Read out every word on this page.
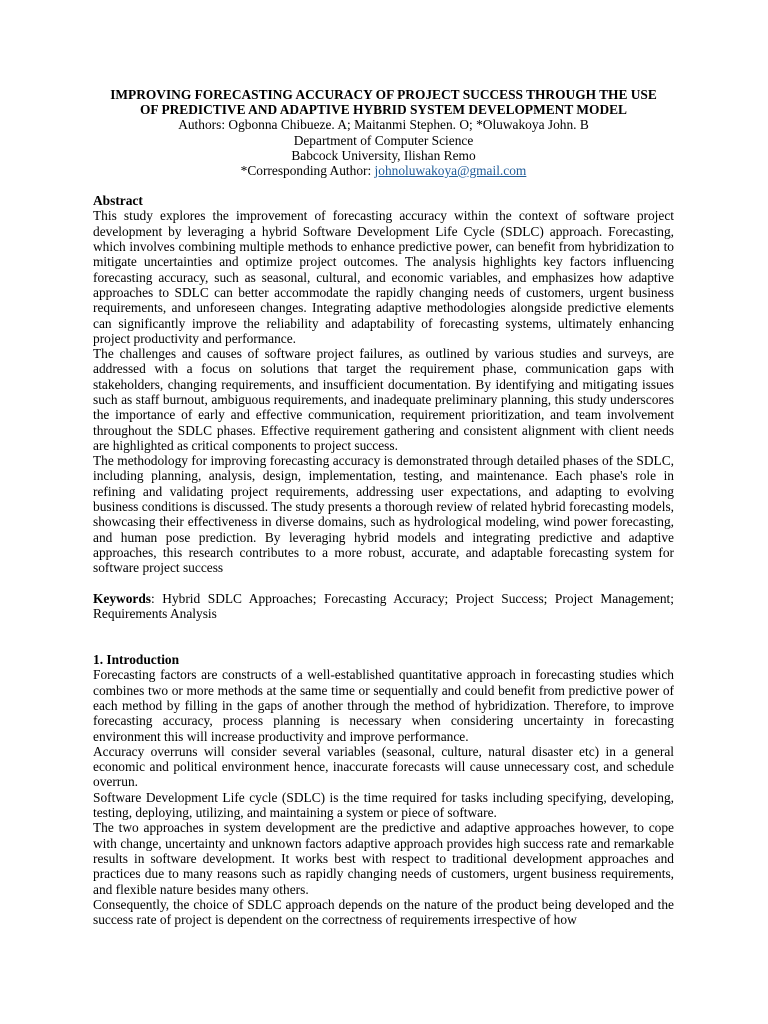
IMPROVING FORECASTING ACCURACY OF PROJECT SUCCESS THROUGH THE USE

OF PREDICTIVE AND ADAPTIVE HYBRID SYSTEM DEVELOPMENT MODEL

Authors: Ogbonna Chibueze. A; Maitanmi Stephen. O; *Oluwakoya John. B

Department of Computer Science

Babcock University, Ilishan Remo

*Corresponding Author: johnoluwakoya@gmail.com

Abstract

This study explores the improvement of forecasting accuracy within the context of software project development by leveraging a hybrid Software Development Life Cycle (SDLC) approach. Forecasting, which involves combining multiple methods to enhance predictive power, can benefit from hybridization to mitigate uncertainties and optimize project outcomes. The analysis highlights key factors influencing forecasting accuracy, such as seasonal, cultural, and economic variables, and emphasizes how adaptive approaches to SDLC can better accommodate the rapidly changing needs of customers, urgent business requirements, and unforeseen changes. Integrating adaptive methodologies alongside predictive elements can significantly improve the reliability and adaptability of forecasting systems, ultimately enhancing project productivity and performance.

The challenges and causes of software project failures, as outlined by various studies and surveys, are addressed with a focus on solutions that target the requirement phase, communication gaps with stakeholders, changing requirements, and insufficient documentation. By identifying and mitigating issues such as staff burnout, ambiguous requirements, and inadequate preliminary planning, this study underscores the importance of early and effective communication, requirement prioritization, and team involvement throughout the SDLC phases. Effective requirement gathering and consistent alignment with client needs are highlighted as critical components to project success.

The methodology for improving forecasting accuracy is demonstrated through detailed phases of the SDLC, including planning, analysis, design, implementation, testing, and maintenance. Each phase's role in refining and validating project requirements, addressing user expectations, and adapting to evolving business conditions is discussed. The study presents a thorough review of related hybrid forecasting models, showcasing their effectiveness in diverse domains, such as hydrological modeling, wind power forecasting, and human pose prediction. By leveraging hybrid models and integrating predictive and adaptive approaches, this research contributes to a more robust, accurate, and adaptable forecasting system for software project success

Keywords: Hybrid SDLC Approaches; Forecasting Accuracy; Project Success; Project Management; Requirements Analysis

1. Introduction

Forecasting factors are constructs of a well-established quantitative approach in forecasting studies which combines two or more methods at the same time or sequentially and could benefit from predictive power of each method by filling in the gaps of another through the method of hybridization. Therefore, to improve forecasting accuracy, process planning is necessary when considering uncertainty in forecasting environment this will increase productivity and improve performance.

Accuracy overruns will consider several variables (seasonal, culture, natural disaster etc) in a general economic and political environment hence, inaccurate forecasts will cause unnecessary cost, and schedule overrun.

Software Development Life cycle (SDLC) is the time required for tasks including specifying, developing, testing, deploying, utilizing, and maintaining a system or piece of software.

The two approaches in system development are the predictive and adaptive approaches however, to cope with change, uncertainty and unknown factors adaptive approach provides high success rate and remarkable results in software development. It works best with respect to traditional development approaches and practices due to many reasons such as rapidly changing needs of customers, urgent business requirements, and flexible nature besides many others.

Consequently, the choice of SDLC approach depends on the nature of the product being developed and the success rate of project is dependent on the correctness of requirements irrespective of how
